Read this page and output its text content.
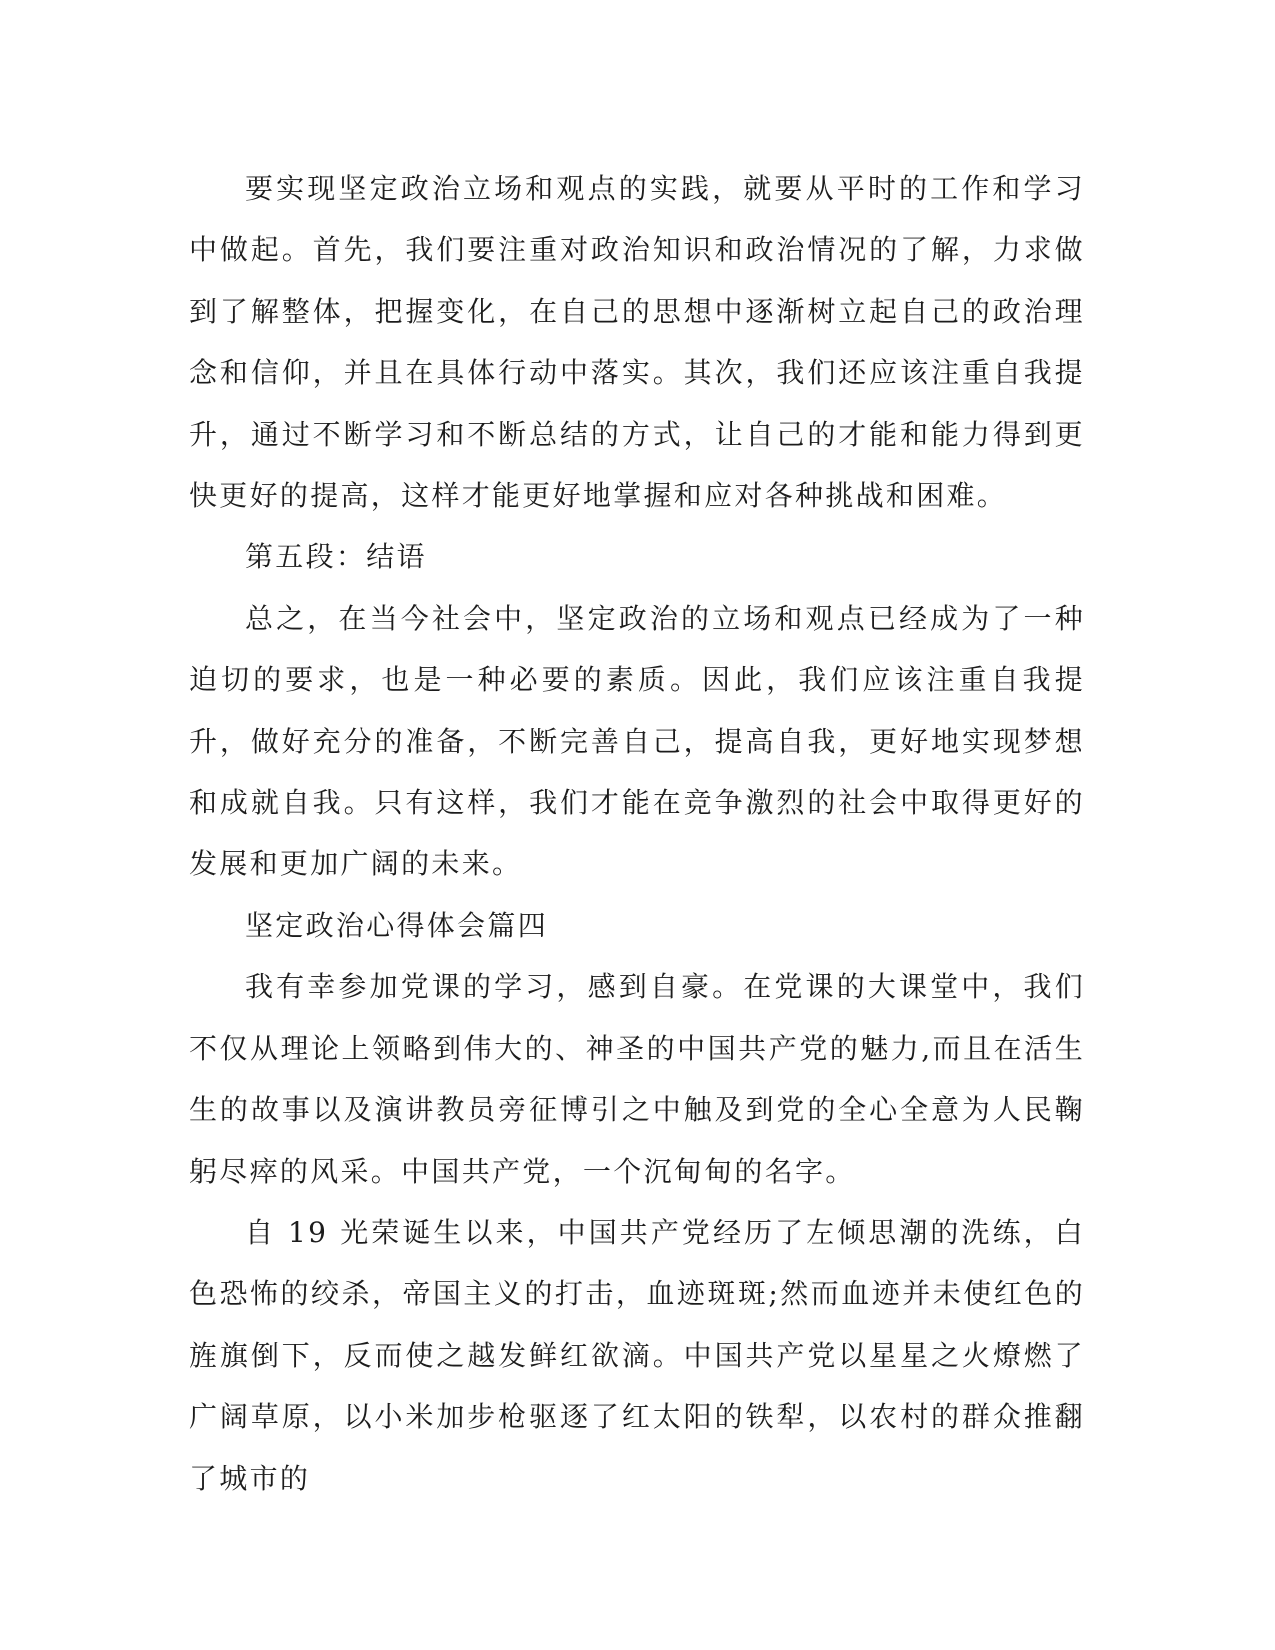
要实现坚定政治立场和观点的实践，就要从平时的工作和学习中做起。首先，我们要注重对政治知识和政治情况的了解，力求做到了解整体，把握变化，在自己的思想中逐渐树立起自己的政治理念和信仰，并且在具体行动中落实。其次，我们还应该注重自我提升，通过不断学习和不断总结的方式，让自己的才能和能力得到更快更好的提高，这样才能更好地掌握和应对各种挑战和困难。

第五段：结语

总之，在当今社会中，坚定政治的立场和观点已经成为了一种迫切的要求，也是一种必要的素质。因此，我们应该注重自我提升，做好充分的准备，不断完善自己，提高自我，更好地实现梦想和成就自我。只有这样，我们才能在竞争激烈的社会中取得更好的发展和更加广阔的未来。

坚定政治心得体会篇四

我有幸参加党课的学习，感到自豪。在党课的大课堂中，我们不仅从理论上领略到伟大的、神圣的中国共产党的魅力,而且在活生生的故事以及演讲教员旁征博引之中触及到党的全心全意为人民鞠躬尽瘁的风采。中国共产党，一个沉甸甸的名字。

自 19 光荣诞生以来，中国共产党经历了左倾思潮的洗练，白色恐怖的绞杀，帝国主义的打击，血迹斑斑;然而血迹并未使红色的旌旗倒下，反而使之越发鲜红欲滴。中国共产党以星星之火燎燃了广阔草原，以小米加步枪驱逐了红太阳的铁犁，以农村的群众推翻了城市的
